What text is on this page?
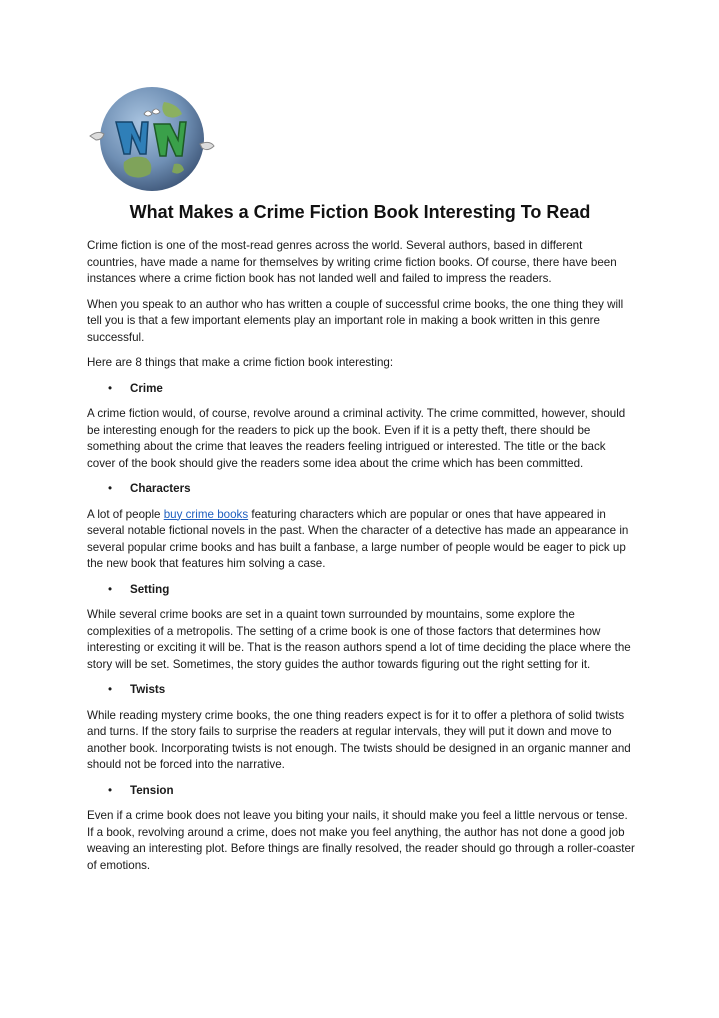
What Makes a Crime Fiction Book Interesting To Read

Crime fiction is one of the most-read genres across the world. Several authors, based in different countries, have made a name for themselves by writing crime fiction books. Of course, there have been instances where a crime fiction book has not landed well and failed to impress the readers.

When you speak to an author who has written a couple of successful crime books, the one thing they will tell you is that a few important elements play an important role in making a book written in this genre successful.

Here are 8 things that make a crime fiction book interesting:

• Crime

A crime fiction would, of course, revolve around a criminal activity. The crime committed, however, should be interesting enough for the readers to pick up the book. Even if it is a petty theft, there should be something about the crime that leaves the readers feeling intrigued or interested. The title or the back cover of the book should give the readers some idea about the crime which has been committed.

• Characters

A lot of people buy crime books featuring characters which are popular or ones that have appeared in several notable fictional novels in the past. When the character of a detective has made an appearance in several popular crime books and has built a fanbase, a large number of people would be eager to pick up the new book that features him solving a case.

• Setting

While several crime books are set in a quaint town surrounded by mountains, some explore the complexities of a metropolis. The setting of a crime book is one of those factors that determines how interesting or exciting it will be. That is the reason authors spend a lot of time deciding the place where the story will be set. Sometimes, the story guides the author towards figuring out the right setting for it.

• Twists

While reading mystery crime books, the one thing readers expect is for it to offer a plethora of solid twists and turns. If the story fails to surprise the readers at regular intervals, they will put it down and move to another book. Incorporating twists is not enough. The twists should be designed in an organic manner and should not be forced into the narrative.

• Tension

Even if a crime book does not leave you biting your nails, it should make you feel a little nervous or tense. If a book, revolving around a crime, does not make you feel anything, the author has not done a good job weaving an interesting plot. Before things are finally resolved, the reader should go through a roller-coaster of emotions.
